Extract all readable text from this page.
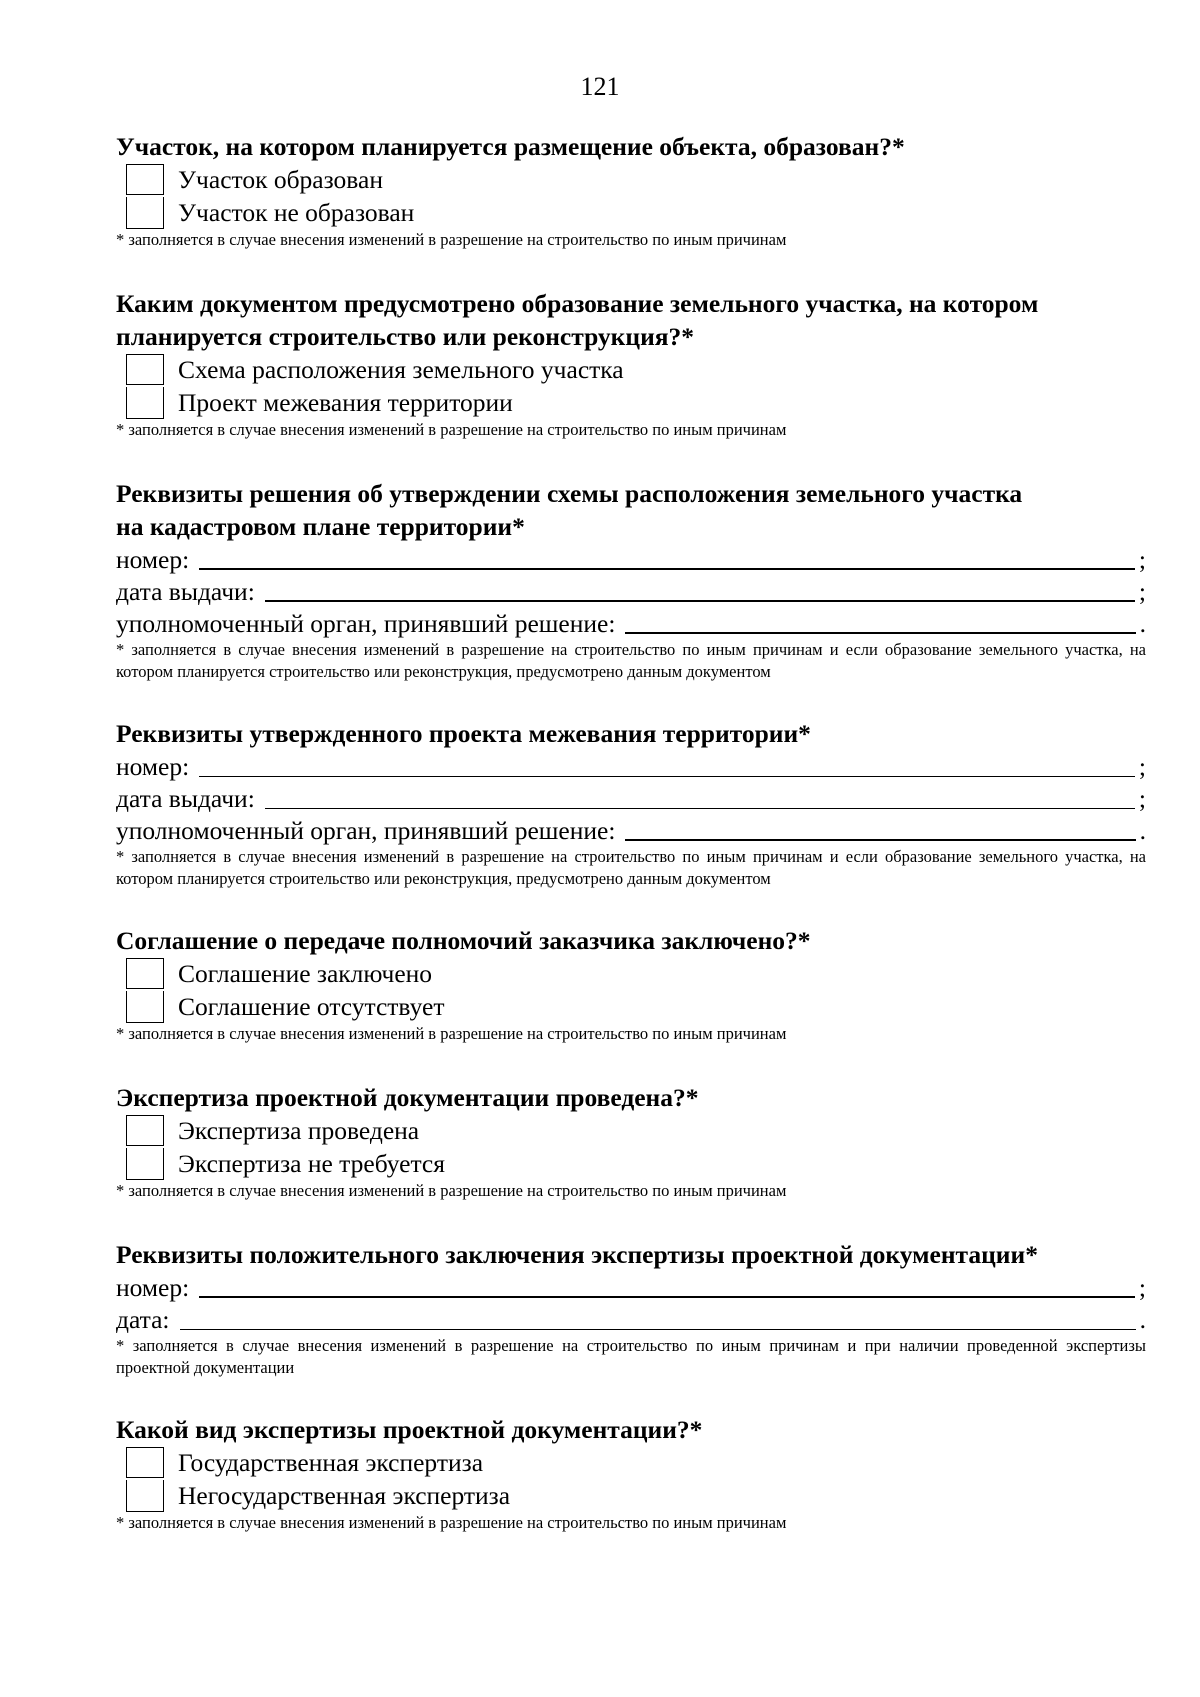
121

Участок, на котором планируется размещение объекта, образован?*

Участок образован
Участок не образован

* заполняется в случае внесения изменений в разрешение на строительство по иным причинам

Каким документом предусмотрено образование земельного участка, на котором

планируется строительство или реконструкция?*

Схема расположения земельного участка
Проект межевания территории

* заполняется в случае внесения изменений в разрешение на строительство по иным причинам

Реквизиты решения об утверждении схемы расположения земельного участка

на кадастровом плане территории*

номер:	;
дата выдачи:	;
уполномоченный орган, принявший решение:	.

* заполняется в случае внесения изменений в разрешение на строительство по иным причинам и если образование земельного участка, на котором планируется строительство или реконструкция, предусмотрено данным документом

Реквизиты утвержденного проекта межевания территории*

номер:	;
дата выдачи:	;
уполномоченный орган, принявший решение:	.

* заполняется в случае внесения изменений в разрешение на строительство по иным причинам и если образование земельного участка, на котором планируется строительство или реконструкция, предусмотрено данным документом

Соглашение о передаче полномочий заказчика заключено?*

Соглашение заключено
Соглашение отсутствует

* заполняется в случае внесения изменений в разрешение на строительство по иным причинам

Экспертиза проектной документации проведена?*

Экспертиза проведена
Экспертиза не требуется

* заполняется в случае внесения изменений в разрешение на строительство по иным причинам

Реквизиты положительного заключения экспертизы проектной документации*

номер:	;
дата:	.

* заполняется в случае внесения изменений в разрешение на строительство по иным причинам и при наличии проведенной экспертизы проектной документации

Какой вид экспертизы проектной документации?*

Государственная экспертиза
Негосударственная экспертиза

* заполняется в случае внесения изменений в разрешение на строительство по иным причинам
